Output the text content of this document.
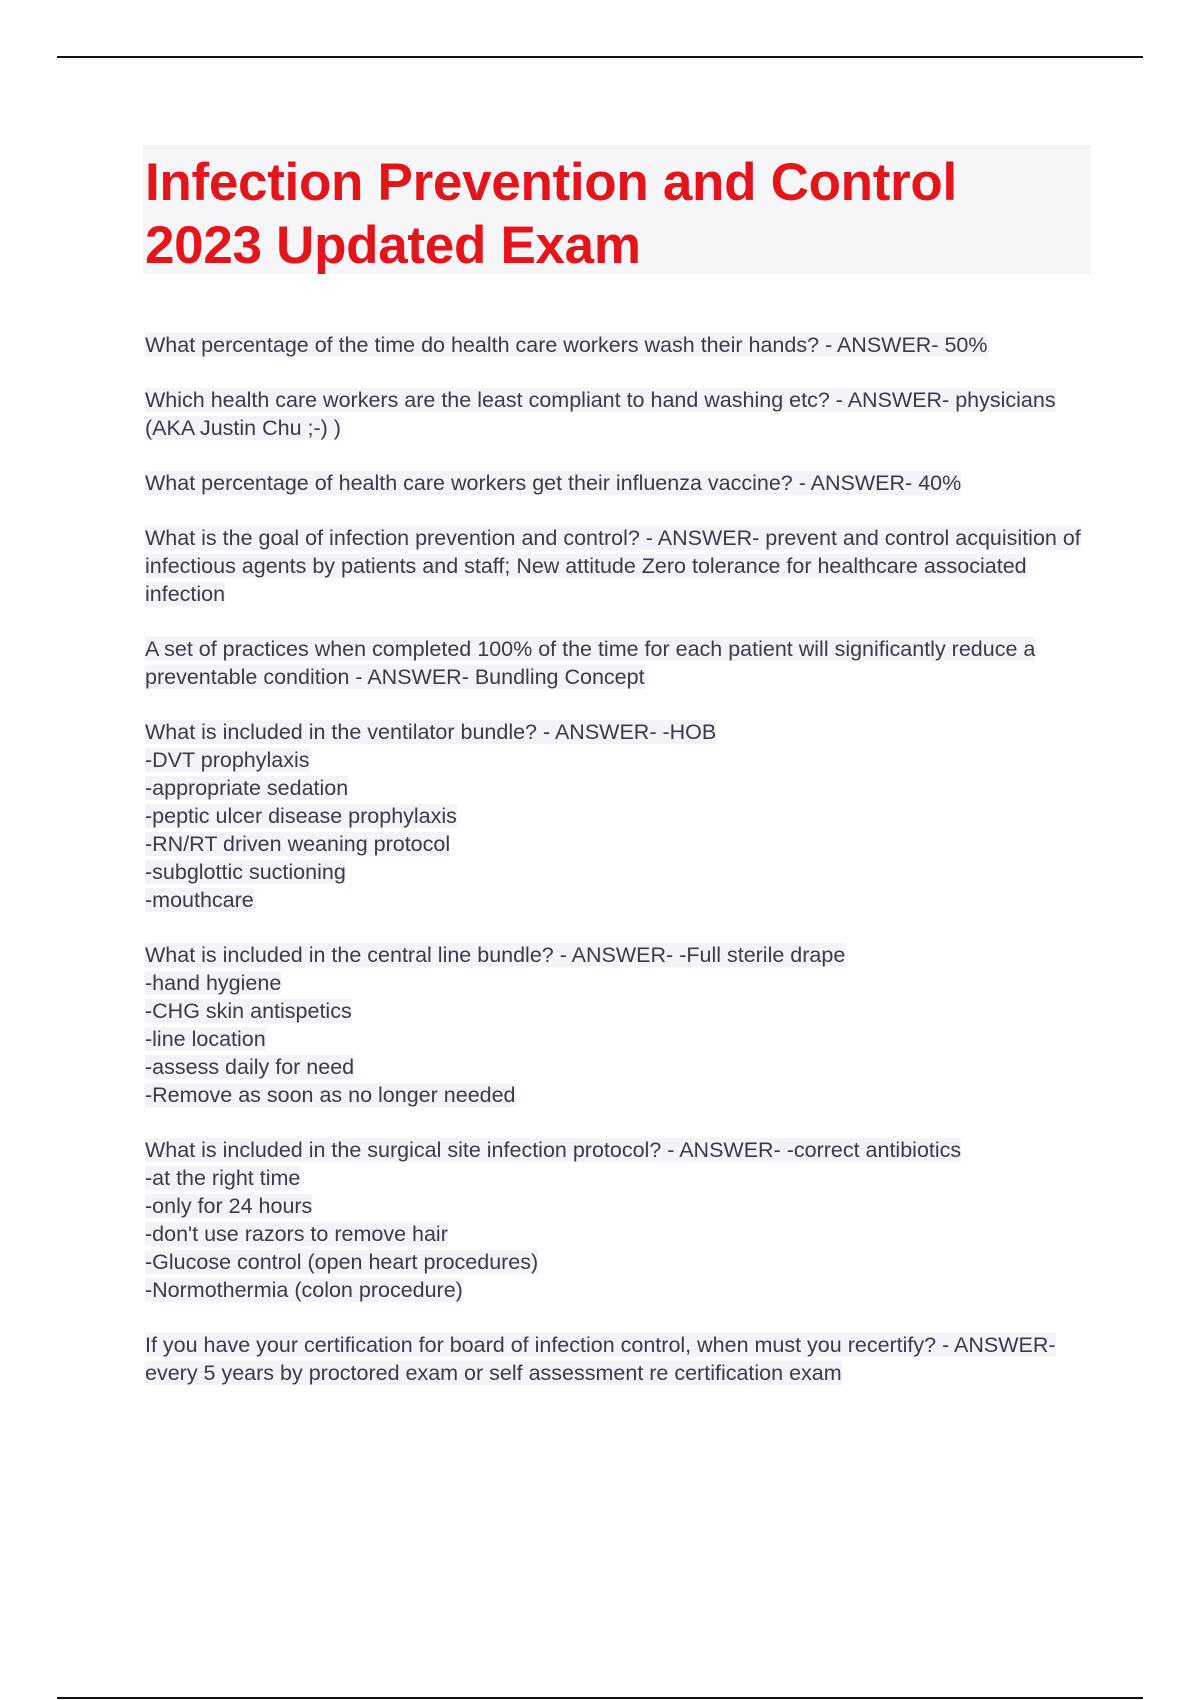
Infection Prevention and Control
2023 Updated Exam

What percentage of the time do health care workers wash their hands? - ANSWER- 50%

Which health care workers are the least compliant to hand washing etc? - ANSWER- physicians (AKA Justin Chu ;-) )

What percentage of health care workers get their influenza vaccine? - ANSWER- 40%

What is the goal of infection prevention and control? - ANSWER- prevent and control acquisition of infectious agents by patients and staff; New attitude Zero tolerance for healthcare associated infection

A set of practices when completed 100% of the time for each patient will significantly reduce a preventable condition - ANSWER- Bundling Concept

What is included in the ventilator bundle? - ANSWER- -HOB

-DVT prophylaxis
-appropriate sedation
-peptic ulcer disease prophylaxis
-RN/RT driven weaning protocol
-subglottic suctioning
-mouthcare

What is included in the central line bundle? - ANSWER- -Full sterile drape

-hand hygiene
-CHG skin antispetics
-line location
-assess daily for need
-Remove as soon as no longer needed

What is included in the surgical site infection protocol? - ANSWER- -correct antibiotics

-at the right time
-only for 24 hours
-don't use razors to remove hair
-Glucose control (open heart procedures)
-Normothermia (colon procedure)

If you have your certification for board of infection control, when must you recertify? - ANSWER- every 5 years by proctored exam or self assessment re certification exam
